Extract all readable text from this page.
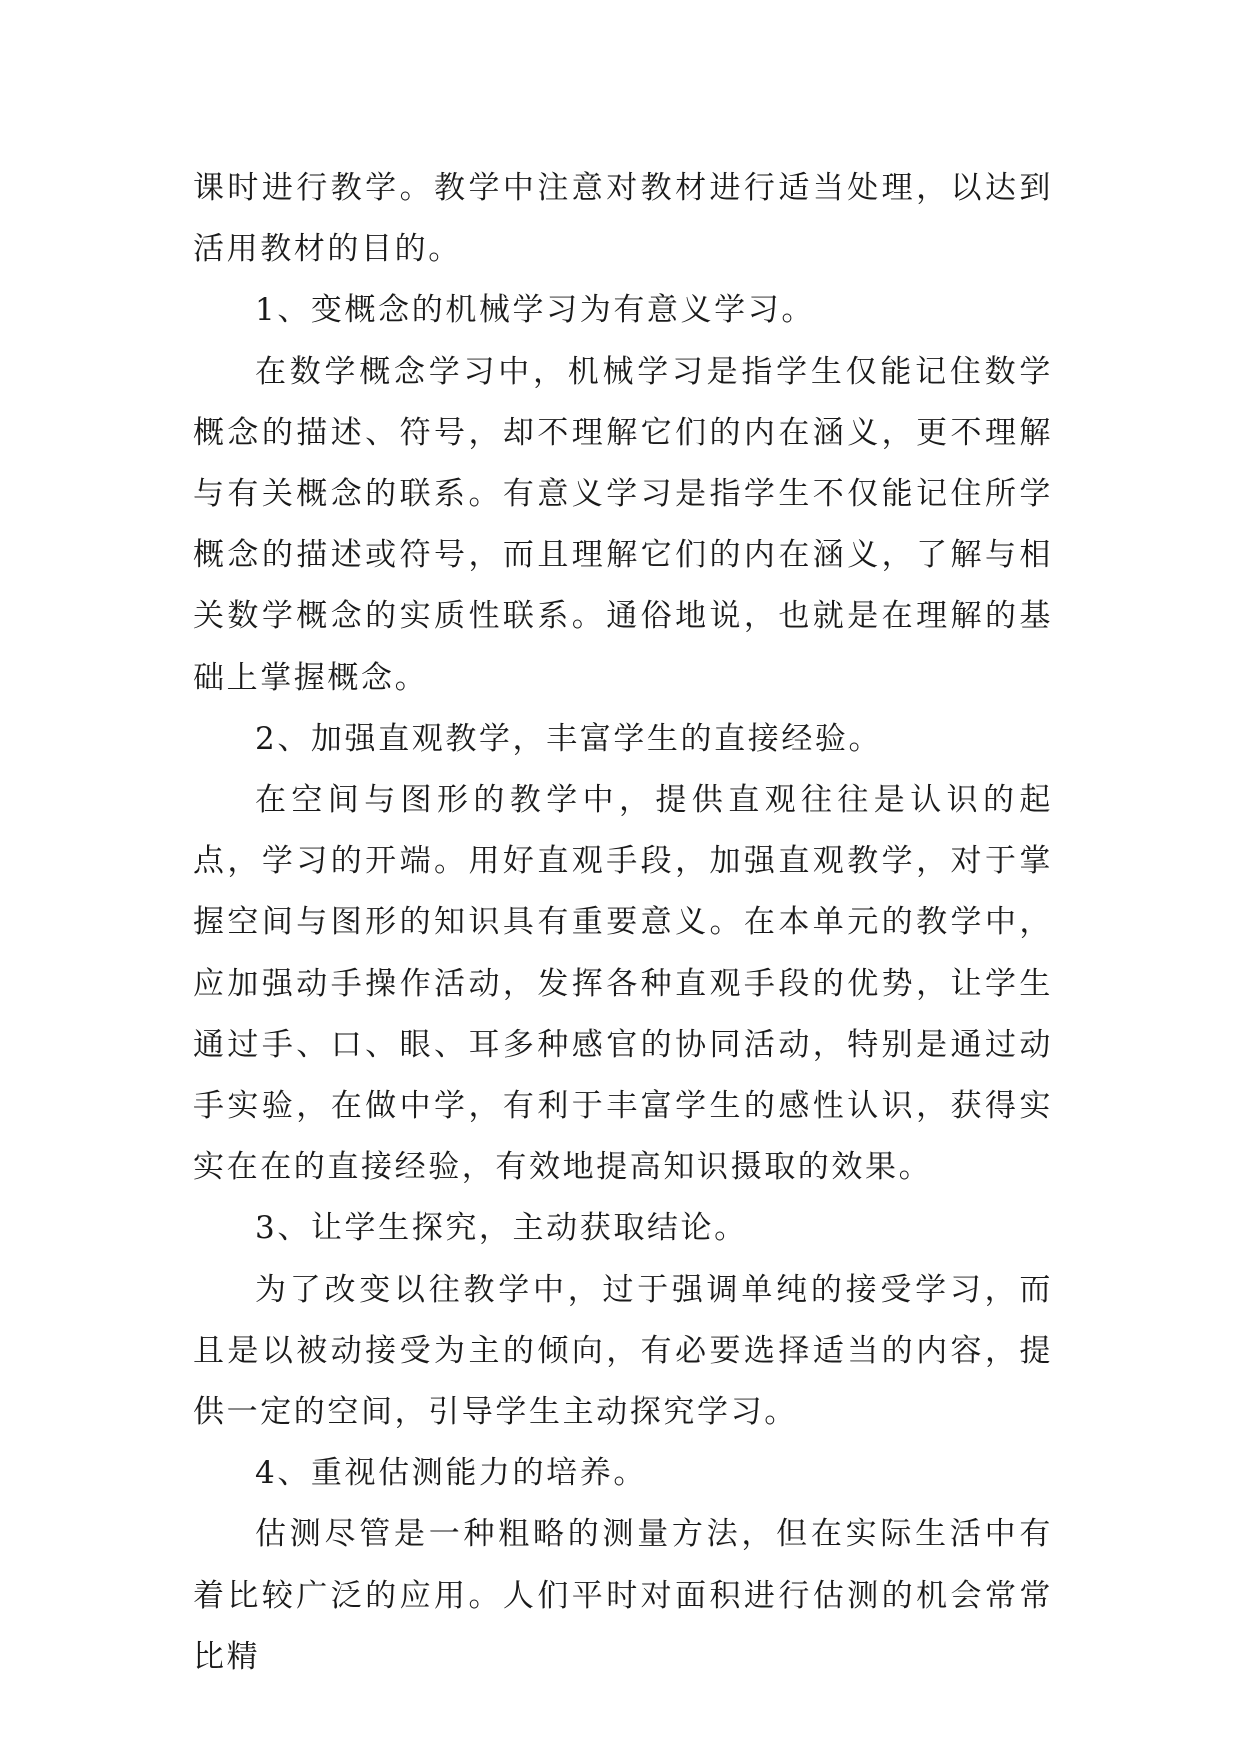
课时进行教学。教学中注意对教材进行适当处理，以达到活用教材的目的。

1、变概念的机械学习为有意义学习。

在数学概念学习中，机械学习是指学生仅能记住数学概念的描述、符号，却不理解它们的内在涵义，更不理解与有关概念的联系。有意义学习是指学生不仅能记住所学概念的描述或符号，而且理解它们的内在涵义，了解与相关数学概念的实质性联系。通俗地说，也就是在理解的基础上掌握概念。

2、加强直观教学，丰富学生的直接经验。

在空间与图形的教学中，提供直观往往是认识的起点，学习的开端。用好直观手段，加强直观教学，对于掌握空间与图形的知识具有重要意义。在本单元的教学中，应加强动手操作活动，发挥各种直观手段的优势，让学生通过手、口、眼、耳多种感官的协同活动，特别是通过动手实验，在做中学，有利于丰富学生的感性认识，获得实实在在的直接经验，有效地提高知识摄取的效果。

3、让学生探究，主动获取结论。

为了改变以往教学中，过于强调单纯的接受学习，而且是以被动接受为主的倾向，有必要选择适当的内容，提供一定的空间，引导学生主动探究学习。

4、重视估测能力的培养。

估测尽管是一种粗略的测量方法，但在实际生活中有着比较广泛的应用。人们平时对面积进行估测的机会常常比精
